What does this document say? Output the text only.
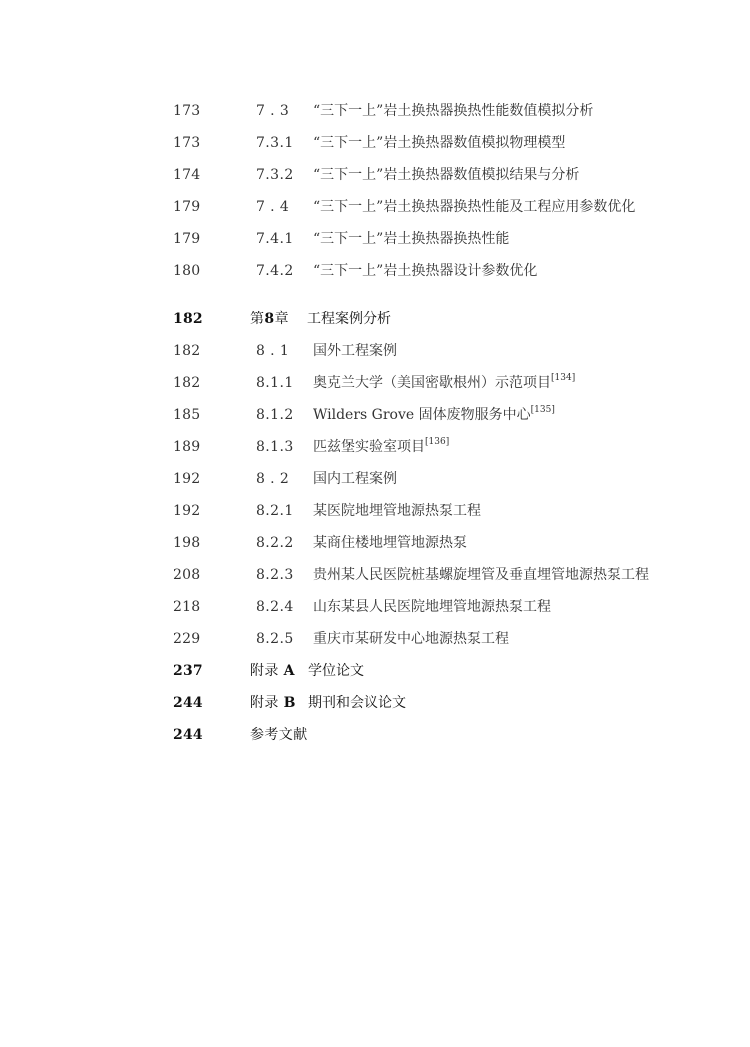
173	7 . 3 “三下一上”岩土换热器换热性能数值模拟分析
173	7.3.1 “三下一上”岩土换热器数值模拟物理模型
174	7.3.2 “三下一上”岩土换热器数值模拟结果与分析
179	7 . 4 “三下一上”岩土换热器换热性能及工程应用参数优化
179	7.4.1 “三下一上”岩土换热器换热性能
180	7.4.2 “三下一上”岩土换热器设计参数优化
182	第8章 工程案例分析
182	8 . 1 国外工程案例
182	8.1.1 奥克兰大学（美国密歇根州）示范项目[134]
185	8.1.2 Wilders Grove 固体废物服务中心[135]
189	8.1.3 匹兹堡实验室项目[136]
192	8 . 2 国内工程案例
192	8.2.1 某医院地埋管地源热泵工程
198	8.2.2 某商住楼地埋管地源热泵
208	8.2.3 贵州某人民医院桩基螺旋埋管及垂直埋管地源热泵工程
218	8.2.4 山东某县人民医院地埋管地源热泵工程
229	8.2.5 重庆市某研发中心地源热泵工程
237	附录 A 学位论文
244	附录 B 期刊和会议论文
244	参考文献
